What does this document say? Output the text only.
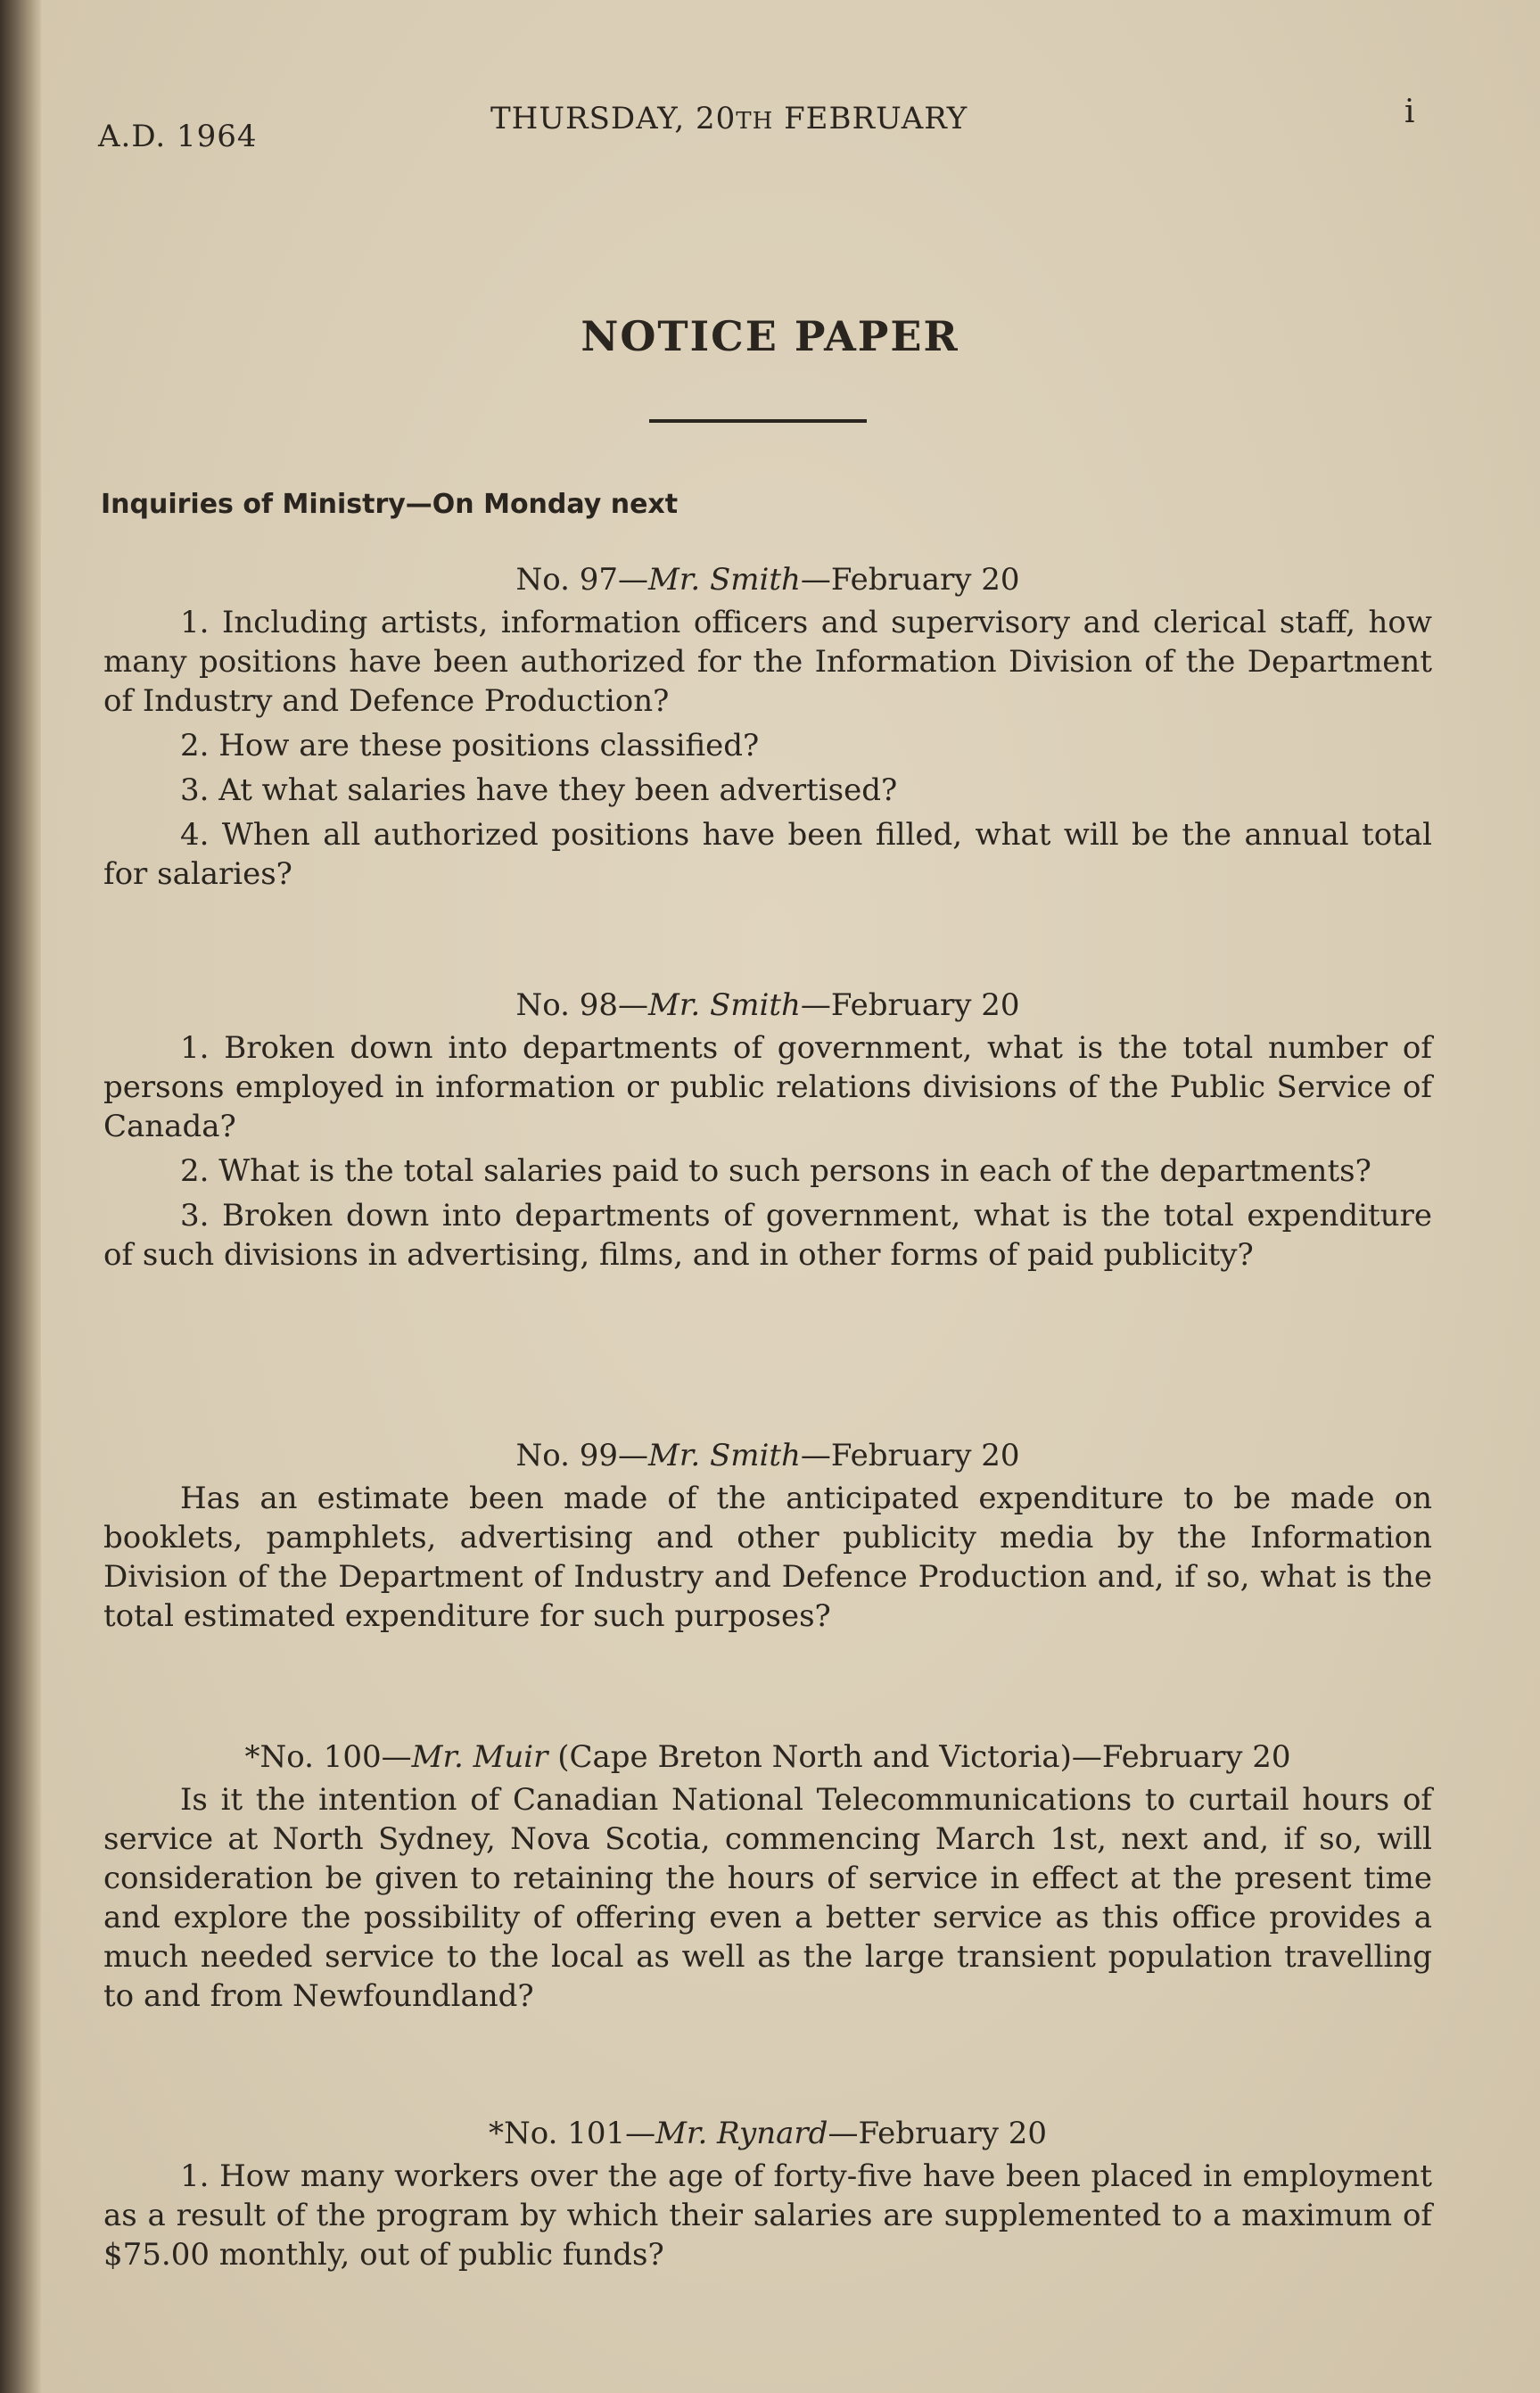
A.D. 1964	THURSDAY, 20TH FEBRUARY	i
NOTICE PAPER
Inquiries of Ministry—On Monday next
No. 97—Mr. Smith—February 20

1. Including artists, information officers and supervisory and clerical staff, how many positions have been authorized for the Information Division of the Department of Industry and Defence Production?

2. How are these positions classified?

3. At what salaries have they been advertised?

4. When all authorized positions have been filled, what will be the annual total for salaries?

No. 98—Mr. Smith—February 20

1. Broken down into departments of government, what is the total number of persons employed in information or public relations divisions of the Public Service of Canada?

2. What is the total salaries paid to such persons in each of the departments?

3. Broken down into departments of government, what is the total expenditure of such divisions in advertising, films, and in other forms of paid publicity?

No. 99—Mr. Smith—February 20

Has an estimate been made of the anticipated expenditure to be made on booklets, pamphlets, advertising and other publicity media by the Information Division of the Department of Industry and Defence Production and, if so, what is the total estimated expenditure for such purposes?

*No. 100—Mr. Muir (Cape Breton North and Victoria)—February 20

Is it the intention of Canadian National Telecommunications to curtail hours of service at North Sydney, Nova Scotia, commencing March 1st, next and, if so, will consideration be given to retaining the hours of service in effect at the present time and explore the possibility of offering even a better service as this office provides a much needed service to the local as well as the large transient population travelling to and from Newfoundland?

*No. 101—Mr. Rynard—February 20

1. How many workers over the age of forty-five have been placed in employment as a result of the program by which their salaries are supplemented to a maximum of $75.00 monthly, out of public funds?
